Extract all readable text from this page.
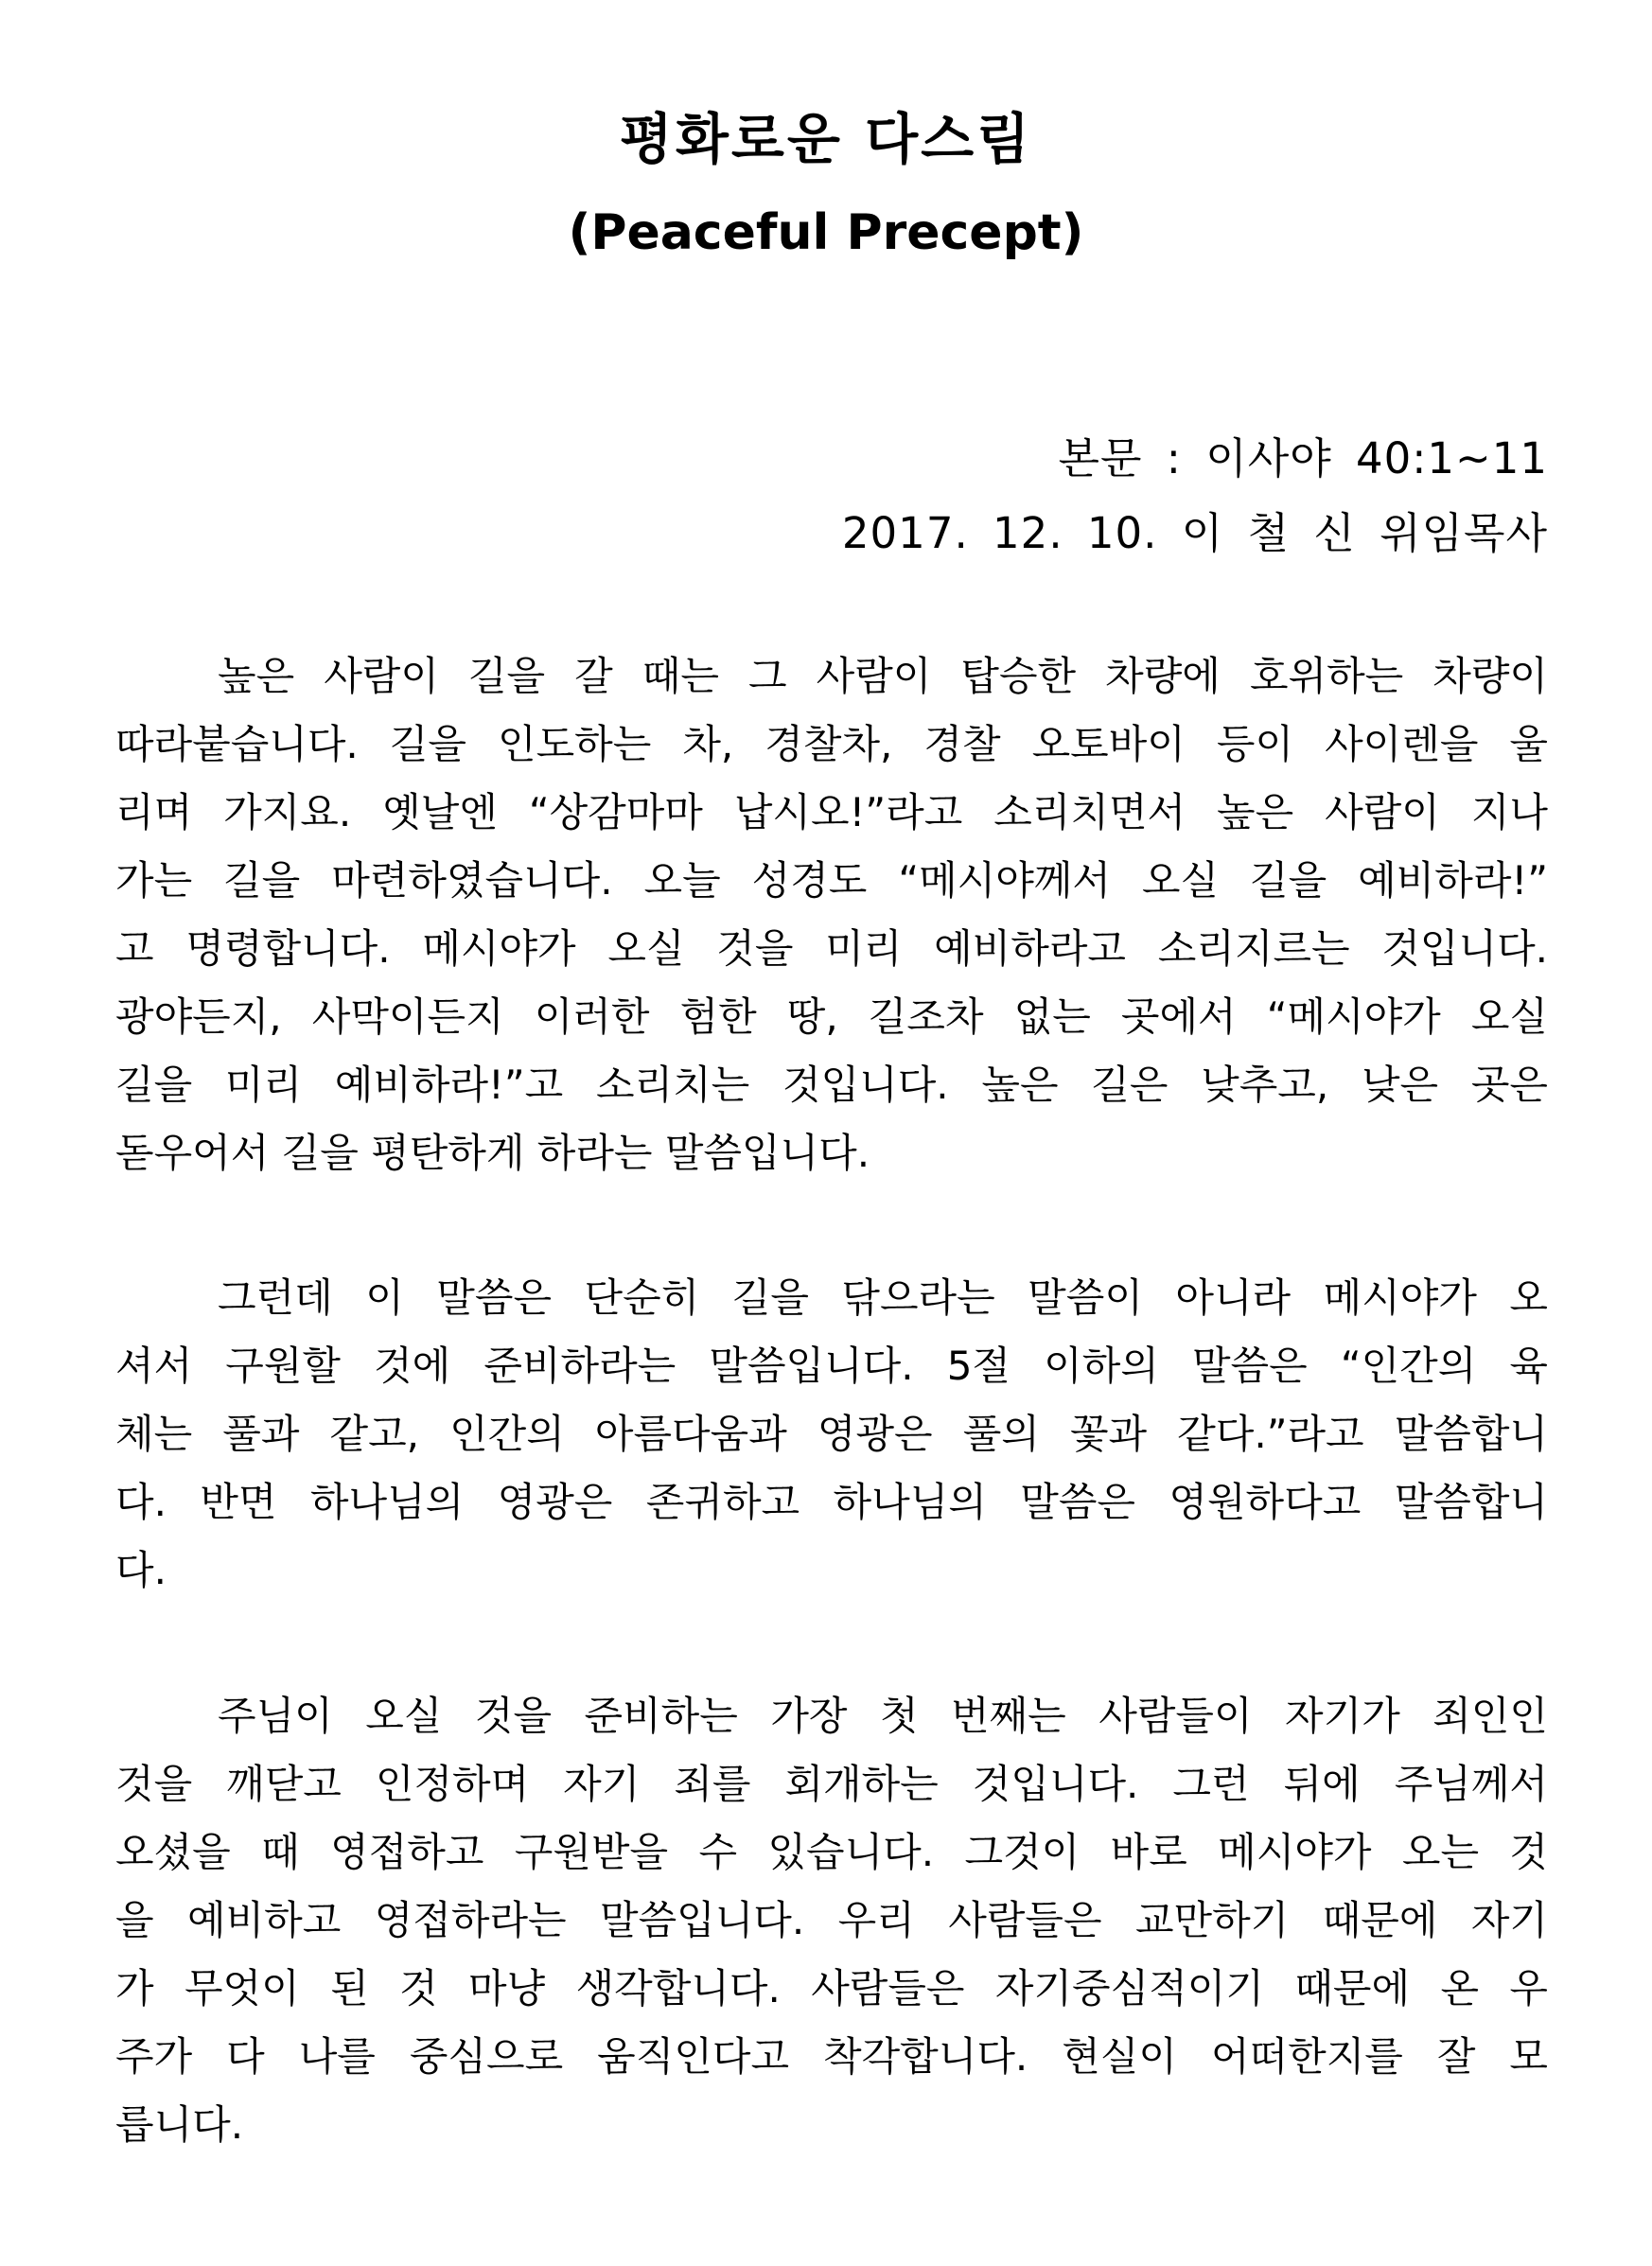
평화로운 다스림
(Peaceful Precept)
본문 : 이사야 40:1~11
2017. 12. 10. 이 철 신 위임목사
높은 사람이 길을 갈 때는 그 사람이 탑승한 차량에 호위하는 차량이
따라붙습니다. 길을 인도하는 차, 경찰차, 경찰 오토바이 등이 사이렌을 울
리며 가지요. 옛날엔 “상감마마 납시오!”라고 소리치면서 높은 사람이 지나
가는 길을 마련하였습니다. 오늘 성경도 “메시야께서 오실 길을 예비하라!”
고 명령합니다. 메시야가 오실 것을 미리 예비하라고 소리지르는 것입니다.
광야든지, 사막이든지 이러한 험한 땅, 길조차 없는 곳에서 “메시야가 오실
길을 미리 예비하라!”고 소리치는 것입니다. 높은 길은 낮추고, 낮은 곳은
돋우어서 길을 평탄하게 하라는 말씀입니다.
그런데 이 말씀은 단순히 길을 닦으라는 말씀이 아니라 메시야가 오
셔서 구원할 것에 준비하라는 말씀입니다. 5절 이하의 말씀은 “인간의 육
체는 풀과 같고, 인간의 아름다움과 영광은 풀의 꽃과 같다.”라고 말씀합니
다. 반면 하나님의 영광은 존귀하고 하나님의 말씀은 영원하다고 말씀합니
다.
주님이 오실 것을 준비하는 가장 첫 번째는 사람들이 자기가 죄인인
것을 깨닫고 인정하며 자기 죄를 회개하는 것입니다. 그런 뒤에 주님께서
오셨을 때 영접하고 구원받을 수 있습니다. 그것이 바로 메시야가 오는 것
을 예비하고 영접하라는 말씀입니다. 우리 사람들은 교만하기 때문에 자기
가 무엇이 된 것 마냥 생각합니다. 사람들은 자기중심적이기 때문에 온 우
주가 다 나를 중심으로 움직인다고 착각합니다. 현실이 어떠한지를 잘 모
릅니다.
